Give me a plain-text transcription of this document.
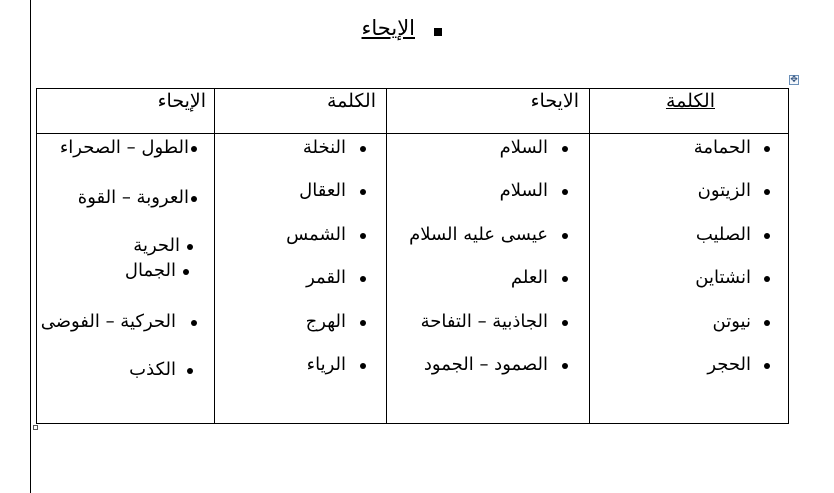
الإيحاء
✥
الكلمة
الايحاء
الكلمة
الإيحاء
الحمامة
الزيتون
الصليب
انشتاين
نيوتن
الحجر
السلام
السلام
عيسى عليه السلام
العلم
الجاذبية – التفاحة
الصمود – الجمود
النخلة
العقال
الشمس
القمر
الهرج
الرياء
الطول – الصحراء
العروبة – القوة
الحرية
الجمال
الحركية – الفوضى
الكذب
